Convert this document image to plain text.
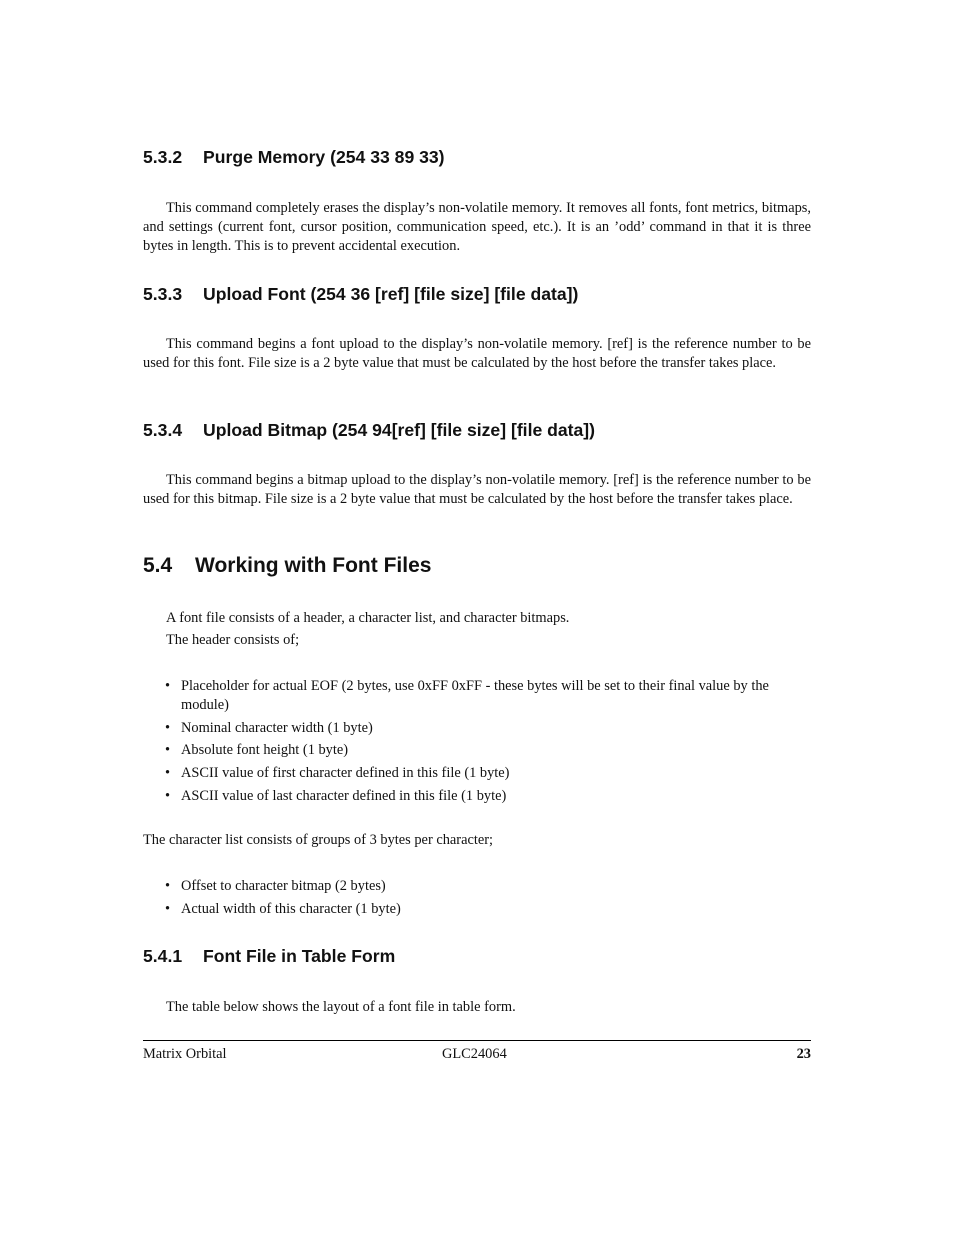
5.3.2 Purge Memory (254 33 89 33)
This command completely erases the display’s non-volatile memory. It removes all fonts, font metrics, bitmaps, and settings (current font, cursor position, communication speed, etc.). It is an ’odd’ command in that it is three bytes in length. This is to prevent accidental execution.
5.3.3 Upload Font (254 36 [ref] [file size] [file data])
This command begins a font upload to the display’s non-volatile memory. [ref] is the reference number to be used for this font. File size is a 2 byte value that must be calculated by the host before the transfer takes place.
5.3.4 Upload Bitmap (254 94[ref] [file size] [file data])
This command begins a bitmap upload to the display’s non-volatile memory. [ref] is the reference number to be used for this bitmap. File size is a 2 byte value that must be calculated by the host before the transfer takes place.
5.4 Working with Font Files
A font file consists of a header, a character list, and character bitmaps.
The header consists of;
• Placeholder for actual EOF (2 bytes, use 0xFF 0xFF - these bytes will be set to their final value by the module)
• Nominal character width (1 byte)
• Absolute font height (1 byte)
• ASCII value of first character defined in this file (1 byte)
• ASCII value of last character defined in this file (1 byte)
The character list consists of groups of 3 bytes per character;
• Offset to character bitmap (2 bytes)
• Actual width of this character (1 byte)
5.4.1 Font File in Table Form
The table below shows the layout of a font file in table form.
Matrix Orbital	GLC24064	23
